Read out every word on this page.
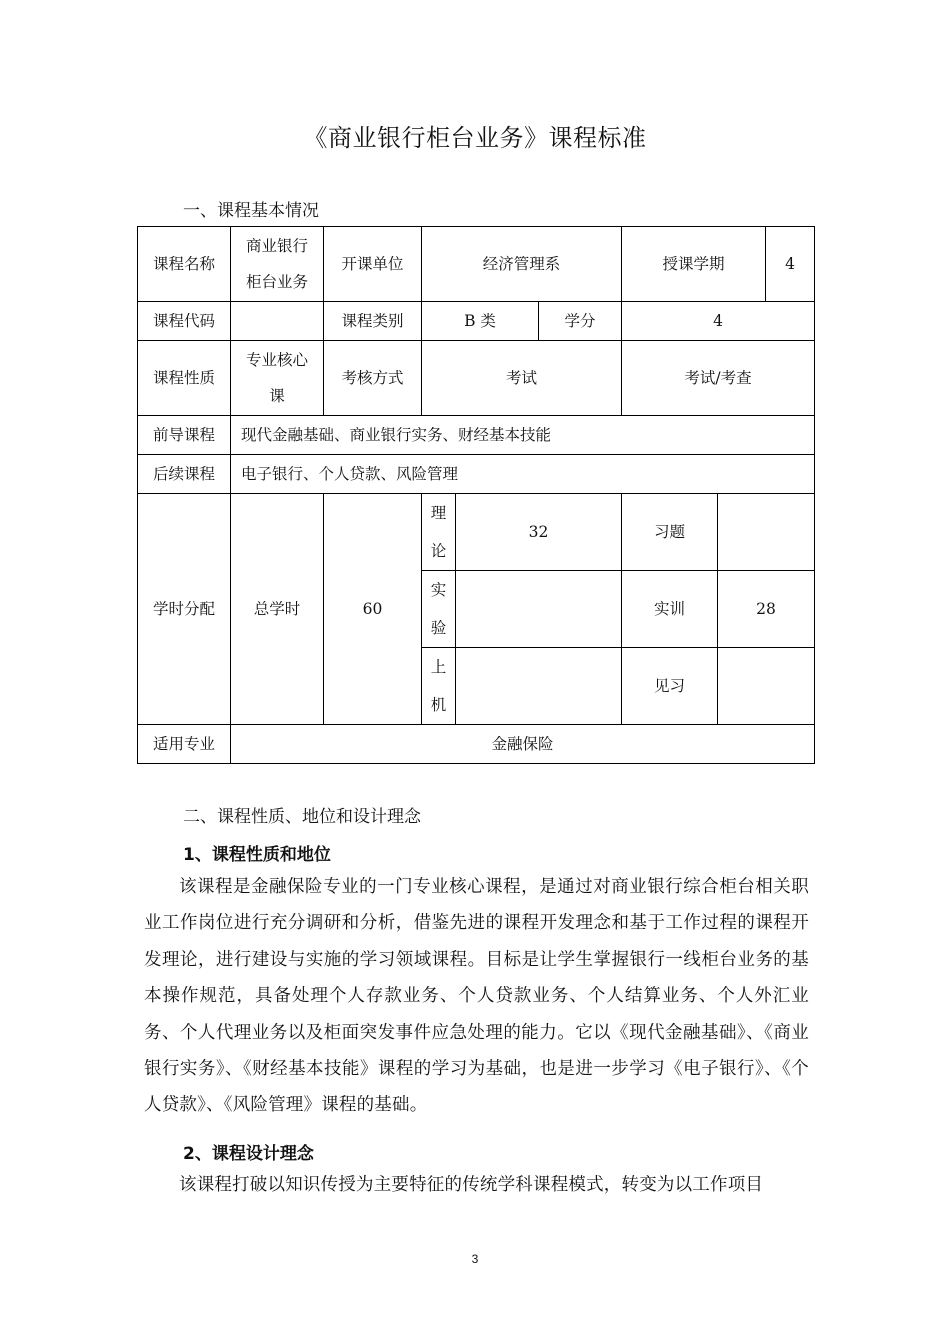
《商业银行柜台业务》课程标准
一、课程基本情况
课程名称	商业银行柜台业务	开课单位	经济管理系			授课学期		4
课程代码		课程类别	B 类		学分	4		
课程性质	专业核心课	考核方式	考试			考试/考查		
前导课程	现代金融基础、商业银行实务、财经基本技能							
后续课程	电子银行、个人贷款、风险管理							
学时分配	总学时	60	理论	32		习题		
			实验			实训	28	
			上机			见习		
适用专业	金融保险							
二、课程性质、地位和设计理念
1、课程性质和地位
该课程是金融保险专业的一门专业核心课程，是通过对商业银行综合柜台相关职业工作岗位进行充分调研和分析，借鉴先进的课程开发理念和基于工作过程的课程开发理论，进行建设与实施的学习领域课程。目标是让学生掌握银行一线柜台业务的基本操作规范，具备处理个人存款业务、个人贷款业务、个人结算业务、个人外汇业务、个人代理业务以及柜面突发事件应急处理的能力。它以《现代金融基础》、《商业银行实务》、《财经基本技能》课程的学习为基础，也是进一步学习《电子银行》、《个人贷款》、《风险管理》课程的基础。
2、课程设计理念
该课程打破以知识传授为主要特征的传统学科课程模式，转变为以工作项目
3
